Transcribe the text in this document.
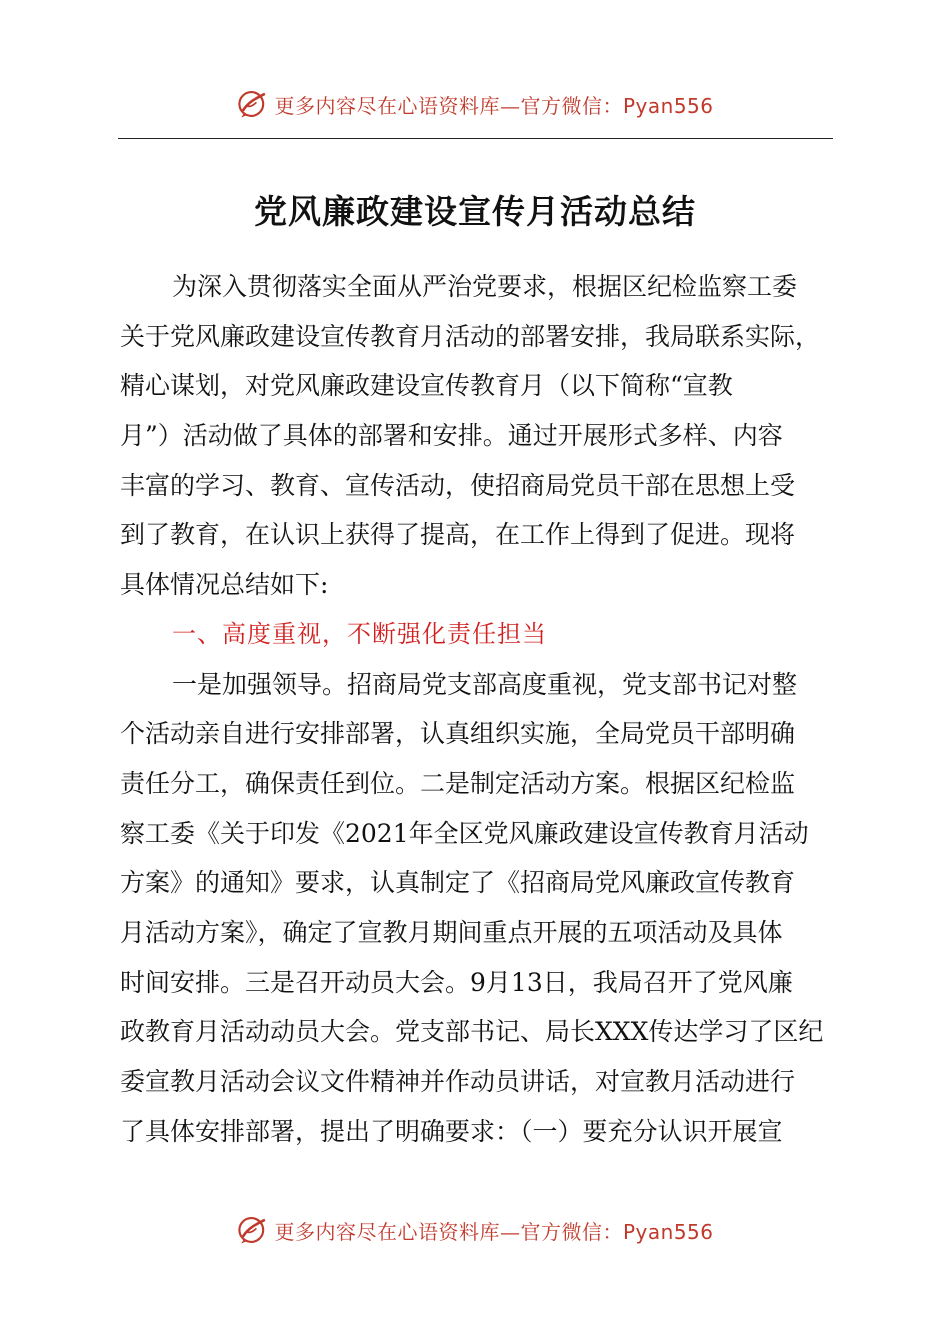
更多内容尽在心语资料库—官方微信：Pyan556
党风廉政建设宣传月活动总结
为深入贯彻落实全面从严治党要求，根据区纪检监察工委
关于党风廉政建设宣传教育月活动的部署安排，我局联系实际，
精心谋划，对党风廉政建设宣传教育月（以下简称“宣教
月”）活动做了具体的部署和安排。通过开展形式多样、内容
丰富的学习、教育、宣传活动，使招商局党员干部在思想上受
到了教育，在认识上获得了提高，在工作上得到了促进。现将
具体情况总结如下:
一、高度重视，不断强化责任担当
一是加强领导。招商局党支部高度重视，党支部书记对整
个活动亲自进行安排部署，认真组织实施，全局党员干部明确
责任分工，确保责任到位。二是制定活动方案。根据区纪检监
察工委《关于印发《2021年全区党风廉政建设宣传教育月活动
方案》的通知》要求，认真制定了《招商局党风廉政宣传教育
月活动方案》，确定了宣教月期间重点开展的五项活动及具体
时间安排。三是召开动员大会。9月13日，我局召开了党风廉
政教育月活动动员大会。党支部书记、局长XXX传达学习了区纪
委宣教月活动会议文件精神并作动员讲话，对宣教月活动进行
了具体安排部署，提出了明确要求：（一）要充分认识开展宣
更多内容尽在心语资料库—官方微信：Pyan556
